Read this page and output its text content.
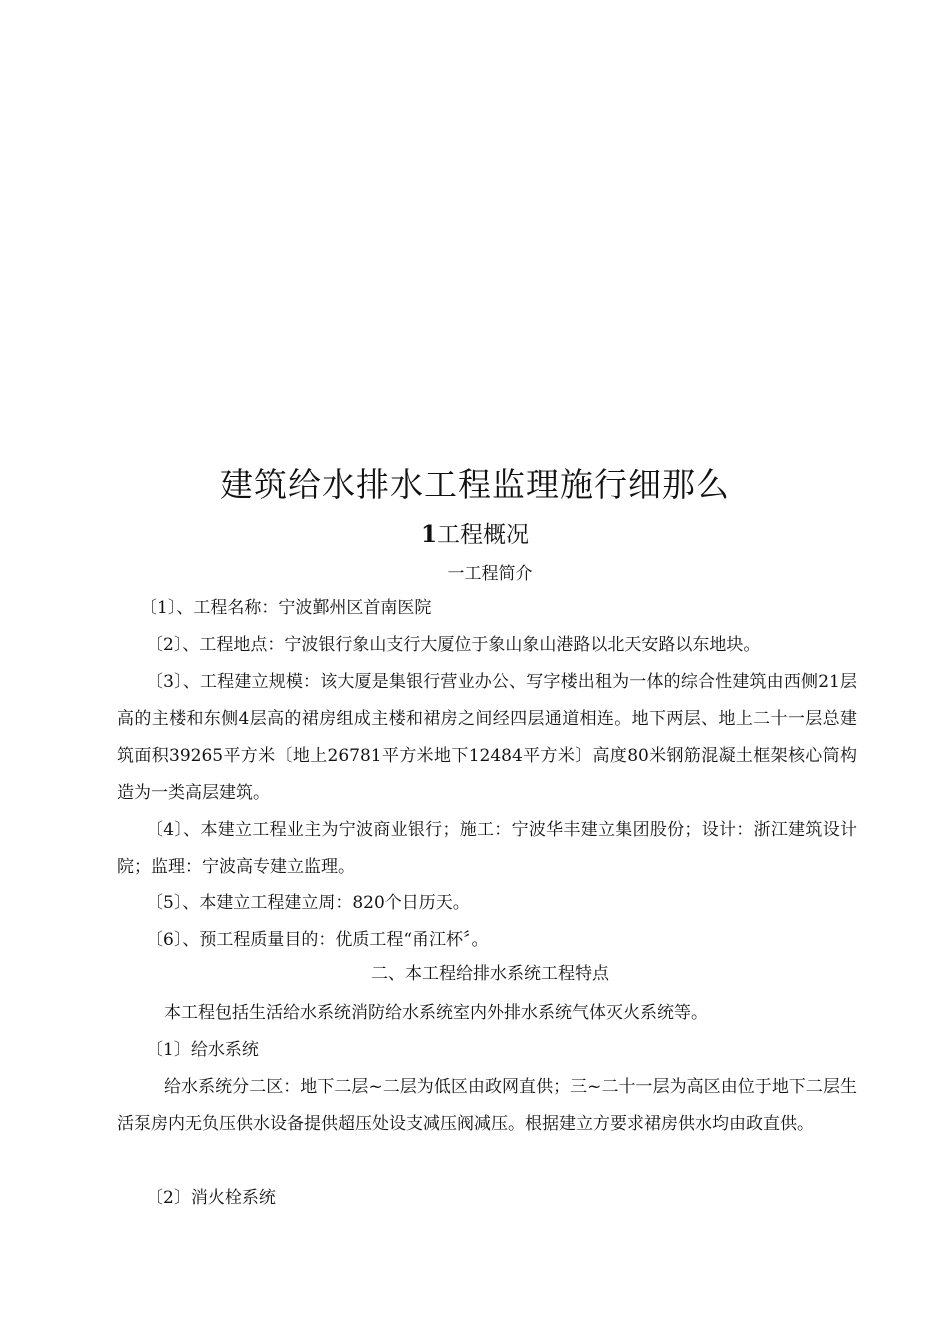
建筑给水排水工程监理施行细那么
1工程概况

一工程简介

〔1〕、工程名称：宁波鄞州区首南医院

〔2〕、工程地点：宁波银行象山支行大厦位于象山象山港路以北天安路以东地块。

〔3〕、工程建立规模：该大厦是集银行营业办公、写字楼出租为一体的综合性建筑由西侧21层高的主楼和东侧4层高的裙房组成主楼和裙房之间经四层通道相连。地下两层、地上二十一层总建筑面积39265平方米〔地上26781平方米地下12484平方米〕高度80米钢筋混凝土框架核心筒构造为一类高层建筑。

〔4〕、本建立工程业主为宁波商业银行；施工：宁波华丰建立集团股份；设计：浙江建筑设计院；监理：宁波高专建立监理。

〔5〕、本建立工程建立周：820个日历天。

〔6〕、预工程质量目的：优质工程“甬江杯〞。

二、本工程给排水系统工程特点

本工程包括生活给水系统消防给水系统室内外排水系统气体灭火系统等。

〔1〕给水系统

给水系统分二区：地下二层~二层为低区由政网直供；三~二十一层为高区由位于地下二层生活泵房内无负压供水设备提供超压处设支减压阀减压。根据建立方要求裙房供水均由政直供。

〔2〕消火栓系统
